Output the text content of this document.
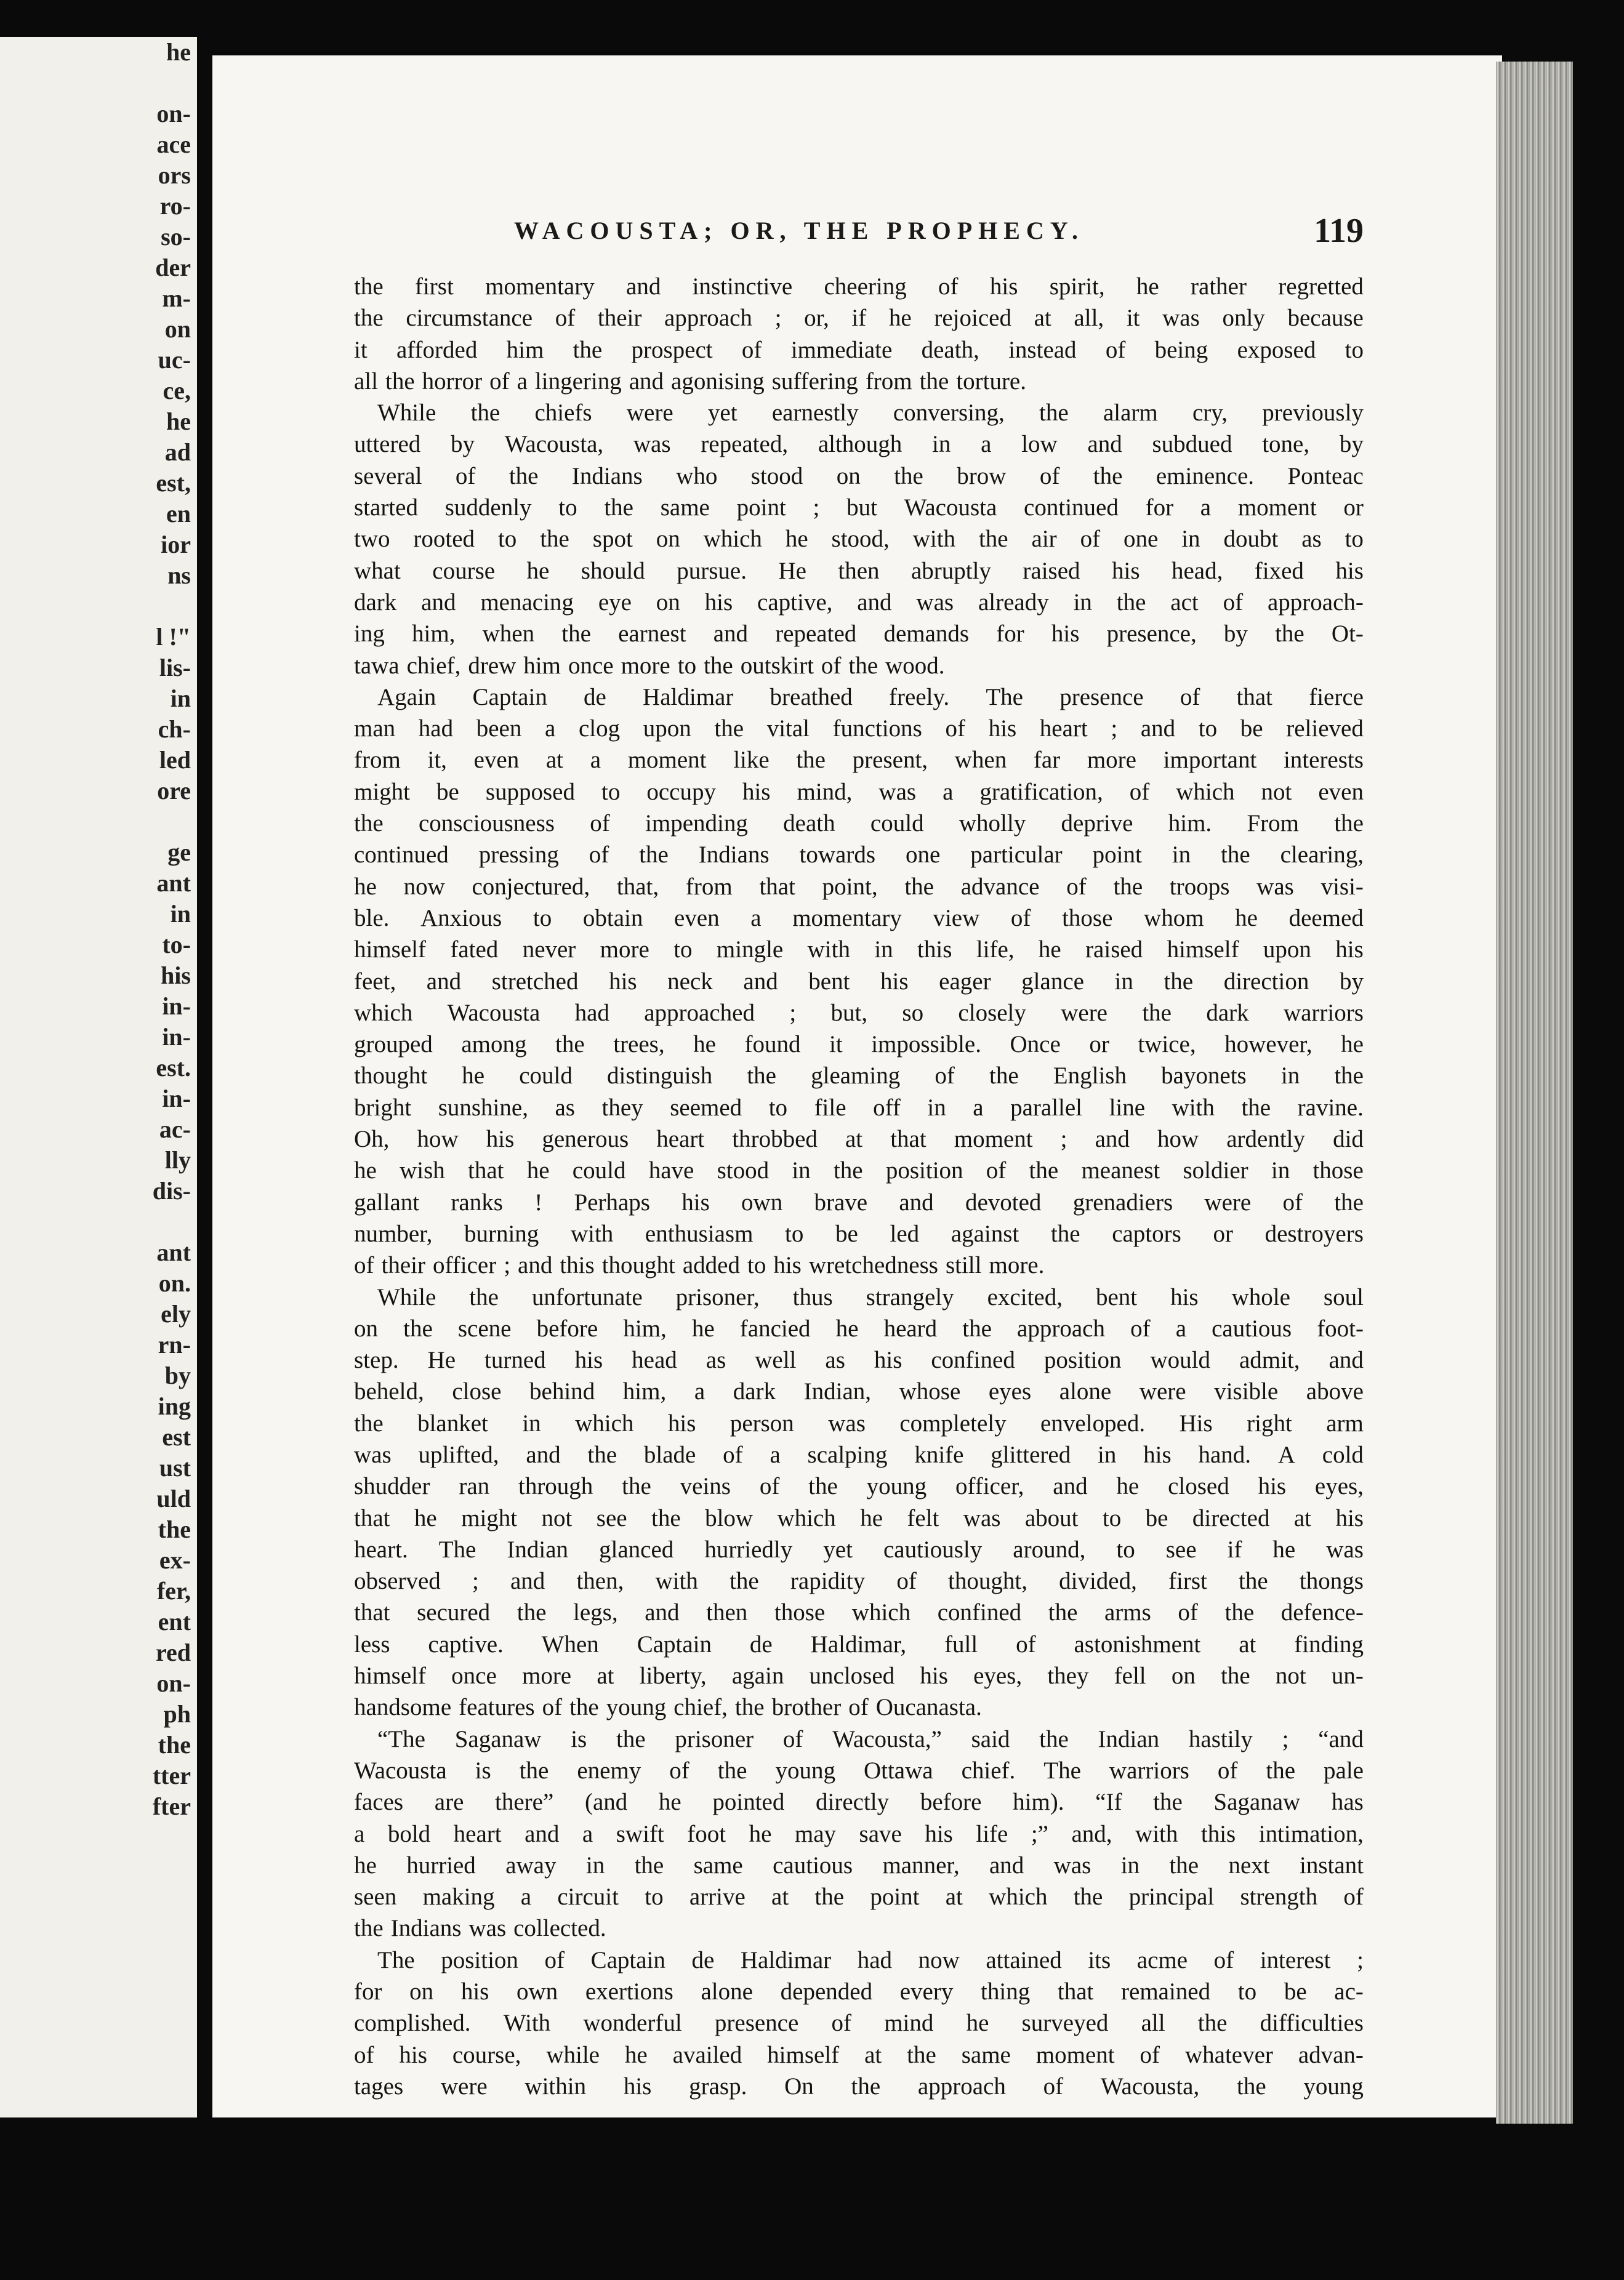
he
on-
ace
ors
ro-
so-
der
m-
on
uc-
ce,
he
ad
est,
en
ior
ns
l !"
lis-
in
ch-
led
ore
ge
ant
in
to-
his
in-
in-
est.
in-
ac-
lly
dis-
ant
on.
ely
rn-
by
ing
est
ust
uld
the
ex-
fer,
ent
red
on-
ph
the
tter
fter
WACOUSTA; OR, THE PROPHECY.	119
the first momentary and instinctive cheering of his spirit, he rather regretted
the circumstance of their approach ; or, if he rejoiced at all, it was only because
it afforded him the prospect of immediate death, instead of being exposed to
all the horror of a lingering and agonising suffering from the torture.
While the chiefs were yet earnestly conversing, the alarm cry, previously
uttered by Wacousta, was repeated, although in a low and subdued tone, by
several of the Indians who stood on the brow of the eminence. Ponteac
started suddenly to the same point ; but Wacousta continued for a moment or
two rooted to the spot on which he stood, with the air of one in doubt as to
what course he should pursue. He then abruptly raised his head, fixed his
dark and menacing eye on his captive, and was already in the act of approach-
ing him, when the earnest and repeated demands for his presence, by the Ot-
tawa chief, drew him once more to the outskirt of the wood.
Again Captain de Haldimar breathed freely. The presence of that fierce
man had been a clog upon the vital functions of his heart ; and to be relieved
from it, even at a moment like the present, when far more important interests
might be supposed to occupy his mind, was a gratification, of which not even
the consciousness of impending death could wholly deprive him. From the
continued pressing of the Indians towards one particular point in the clearing,
he now conjectured, that, from that point, the advance of the troops was visi-
ble. Anxious to obtain even a momentary view of those whom he deemed
himself fated never more to mingle with in this life, he raised himself upon his
feet, and stretched his neck and bent his eager glance in the direction by
which Wacousta had approached ; but, so closely were the dark warriors
grouped among the trees, he found it impossible. Once or twice, however, he
thought he could distinguish the gleaming of the English bayonets in the
bright sunshine, as they seemed to file off in a parallel line with the ravine.
Oh, how his generous heart throbbed at that moment ; and how ardently did
he wish that he could have stood in the position of the meanest soldier in those
gallant ranks ! Perhaps his own brave and devoted grenadiers were of the
number, burning with enthusiasm to be led against the captors or destroyers
of their officer ; and this thought added to his wretchedness still more.
While the unfortunate prisoner, thus strangely excited, bent his whole soul
on the scene before him, he fancied he heard the approach of a cautious foot-
step. He turned his head as well as his confined position would admit, and
beheld, close behind him, a dark Indian, whose eyes alone were visible above
the blanket in which his person was completely enveloped. His right arm
was uplifted, and the blade of a scalping knife glittered in his hand. A cold
shudder ran through the veins of the young officer, and he closed his eyes,
that he might not see the blow which he felt was about to be directed at his
heart. The Indian glanced hurriedly yet cautiously around, to see if he was
observed ; and then, with the rapidity of thought, divided, first the thongs
that secured the legs, and then those which confined the arms of the defence-
less captive. When Captain de Haldimar, full of astonishment at finding
himself once more at liberty, again unclosed his eyes, they fell on the not un-
handsome features of the young chief, the brother of Oucanasta.
“The Saganaw is the prisoner of Wacousta,” said the Indian hastily ; “and
Wacousta is the enemy of the young Ottawa chief. The warriors of the pale
faces are there” (and he pointed directly before him). “If the Saganaw has
a bold heart and a swift foot he may save his life ;” and, with this intimation,
he hurried away in the same cautious manner, and was in the next instant
seen making a circuit to arrive at the point at which the principal strength of
the Indians was collected.
The position of Captain de Haldimar had now attained its acme of interest ;
for on his own exertions alone depended every thing that remained to be ac-
complished. With wonderful presence of mind he surveyed all the difficulties
of his course, while he availed himself at the same moment of whatever advan-
tages were within his grasp. On the approach of Wacousta, the young
